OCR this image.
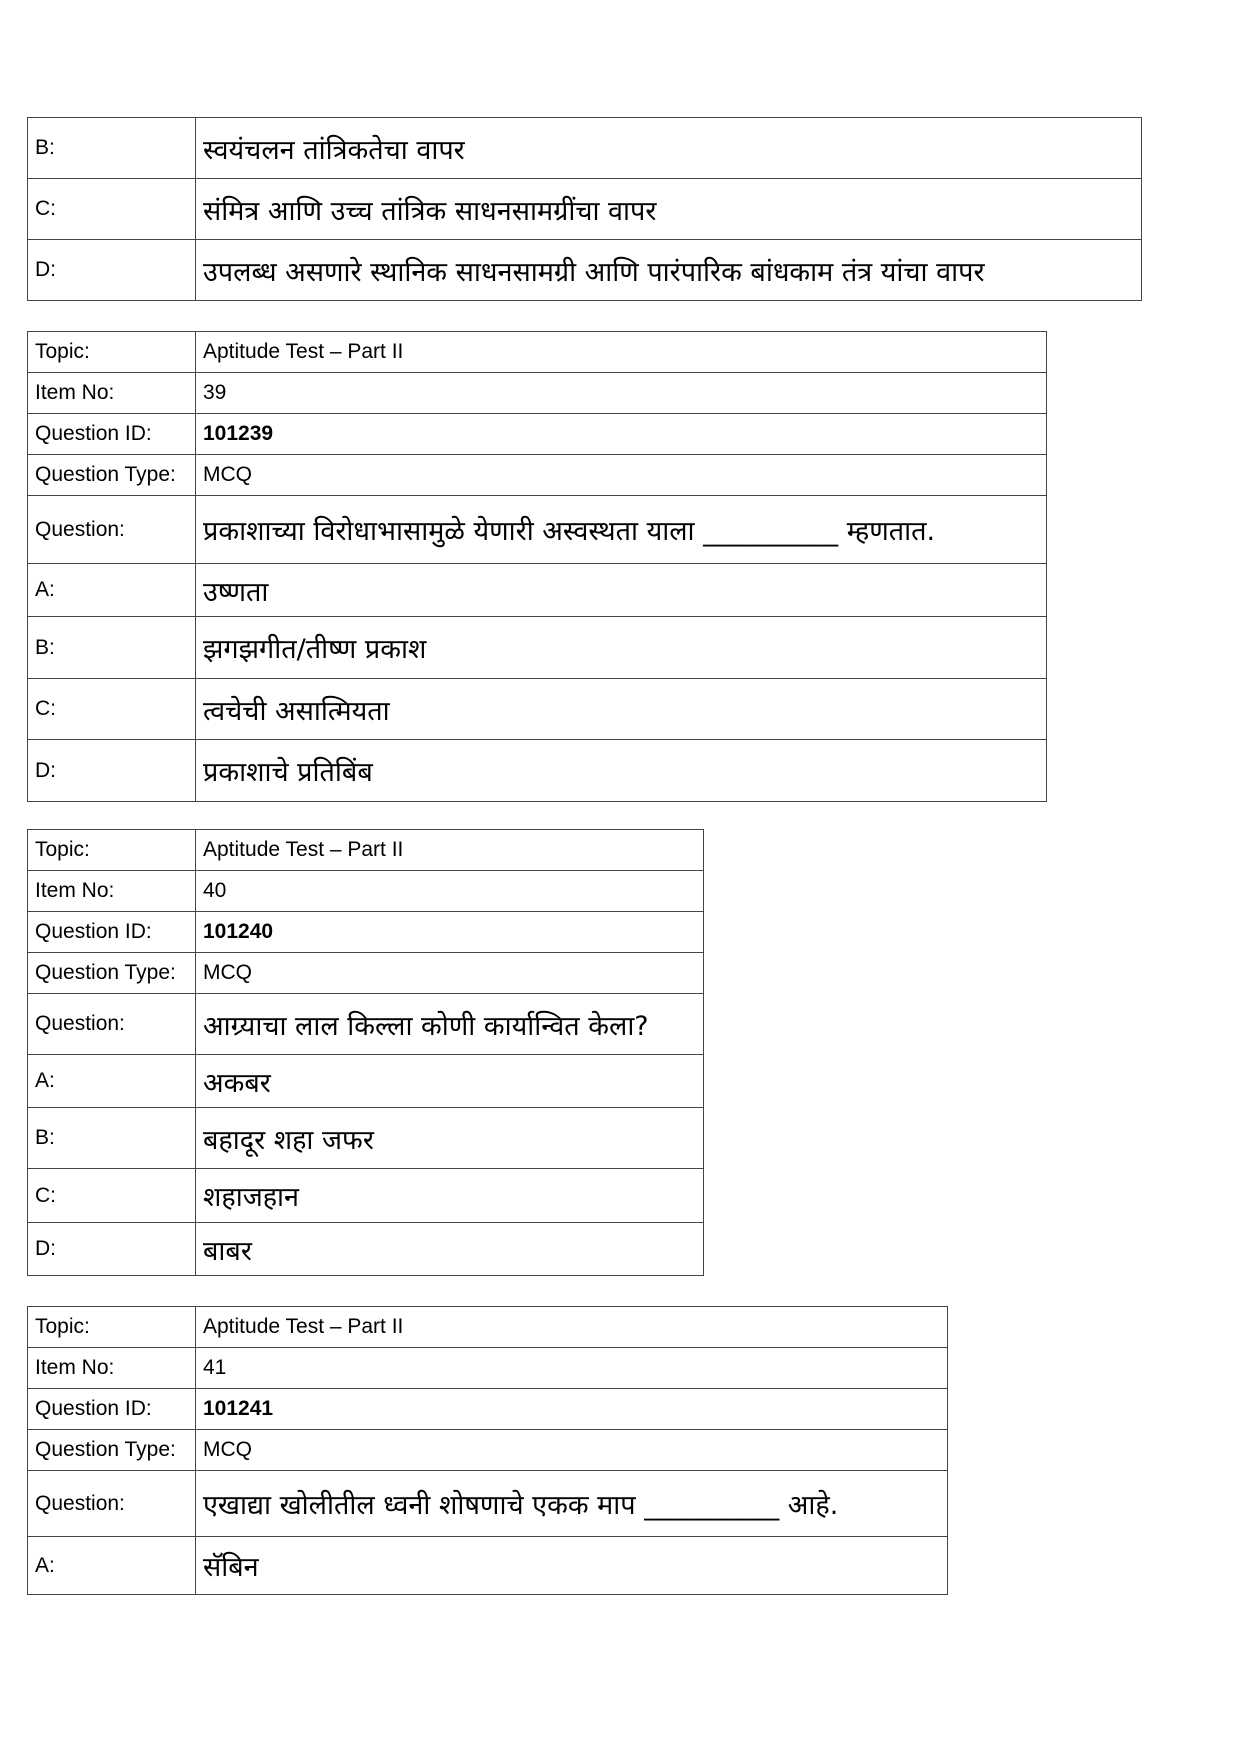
B:	स्वयंचलन तांत्रिकतेचा वापर
C:	संमित्र आणि उच्च तांत्रिक साधनसामग्रींचा वापर
D:	उपलब्ध असणारे स्थानिक साधनसामग्री आणि पारंपारिक बांधकाम तंत्र यांचा वापर
Topic:	Aptitude Test – Part II
Item No:	39
Question ID:	101239
Question Type:	MCQ
Question:	प्रकाशाच्या विरोधाभासामुळे येणारी अस्वस्थता याला __________ म्हणतात.
A:	उष्णता
B:	झगझगीत/तीष्ण प्रकाश
C:	त्वचेची असात्मियता
D:	प्रकाशाचे प्रतिबिंब
Topic:	Aptitude Test – Part II
Item No:	40
Question ID:	101240
Question Type:	MCQ
Question:	आग्र्याचा लाल किल्ला कोणी कार्यान्वित केला?
A:	अकबर
B:	बहादूर शहा जफर
C:	शहाजहान
D:	बाबर
Topic:	Aptitude Test – Part II
Item No:	41
Question ID:	101241
Question Type:	MCQ
Question:	एखाद्या खोलीतील ध्वनी शोषणाचे एकक माप __________ आहे.
A:	सॅबिन
